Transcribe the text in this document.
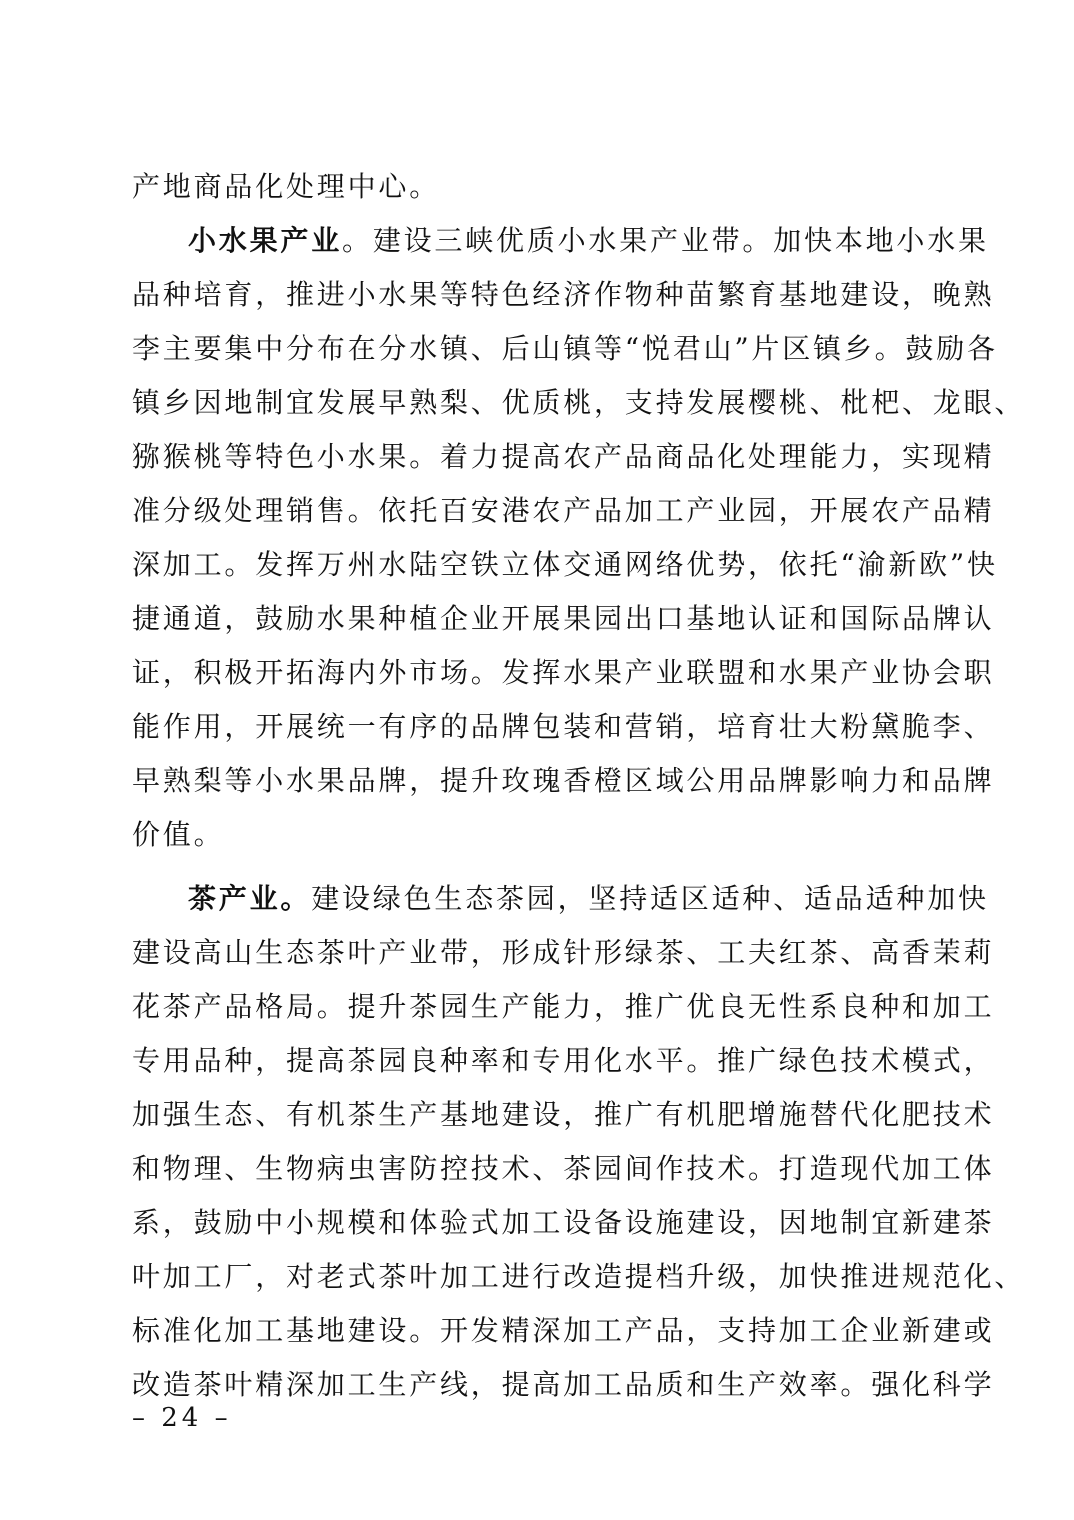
产地商品化处理中心。
小水果产业。建设三峡优质小水果产业带。加快本地小水果
品种培育，推进小水果等特色经济作物种苗繁育基地建设，晚熟
李主要集中分布在分水镇、后山镇等“悦君山”片区镇乡。鼓励各
镇乡因地制宜发展早熟梨、优质桃，支持发展樱桃、枇杷、龙眼、
猕猴桃等特色小水果。着力提高农产品商品化处理能力，实现精
准分级处理销售。依托百安港农产品加工产业园，开展农产品精
深加工。发挥万州水陆空铁立体交通网络优势，依托“渝新欧”快
捷通道，鼓励水果种植企业开展果园出口基地认证和国际品牌认
证，积极开拓海内外市场。发挥水果产业联盟和水果产业协会职
能作用，开展统一有序的品牌包装和营销，培育壮大粉黛脆李、
早熟梨等小水果品牌，提升玫瑰香橙区域公用品牌影响力和品牌
价值。
茶产业。建设绿色生态茶园，坚持适区适种、适品适种加快
建设高山生态茶叶产业带，形成针形绿茶、工夫红茶、高香茉莉
花茶产品格局。提升茶园生产能力，推广优良无性系良种和加工
专用品种，提高茶园良种率和专用化水平。推广绿色技术模式，
加强生态、有机茶生产基地建设，推广有机肥增施替代化肥技术
和物理、生物病虫害防控技术、茶园间作技术。打造现代加工体
系，鼓励中小规模和体验式加工设备设施建设，因地制宜新建茶
叶加工厂，对老式茶叶加工进行改造提档升级，加快推进规范化、
标准化加工基地建设。开发精深加工产品，支持加工企业新建或
改造茶叶精深加工生产线，提高加工品质和生产效率。强化科学
– 24 –
